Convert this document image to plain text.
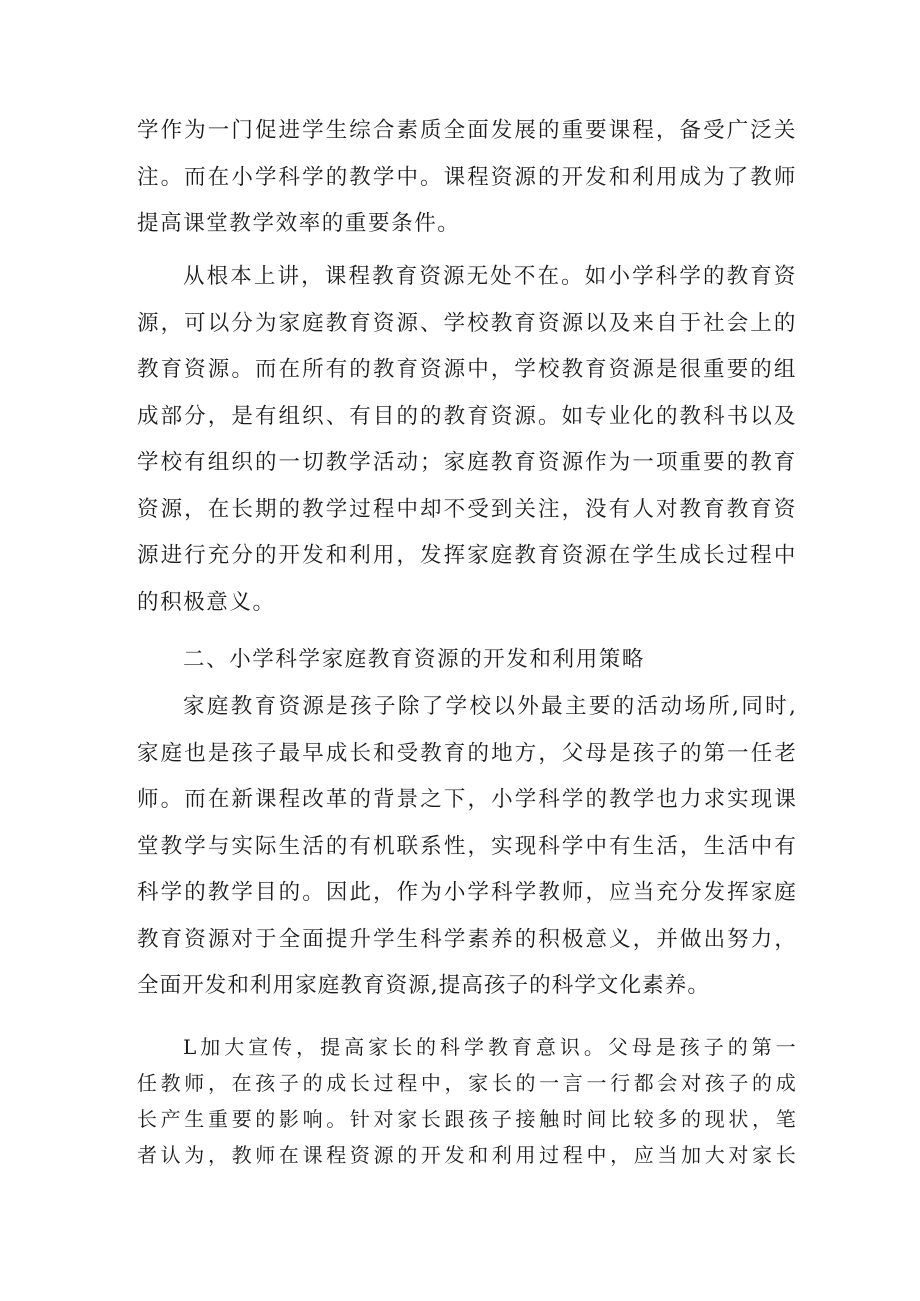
学作为一门促进学生综合素质全面发展的重要课程，备受广泛关
注。而在小学科学的教学中。课程资源的开发和利用成为了教师
提高课堂教学效率的重要条件。
从根本上讲，课程教育资源无处不在。如小学科学的教育资
源，可以分为家庭教育资源、学校教育资源以及来自于社会上的
教育资源。而在所有的教育资源中，学校教育资源是很重要的组
成部分，是有组织、有目的的教育资源。如专业化的教科书以及
学校有组织的一切教学活动；家庭教育资源作为一项重要的教育
资源，在长期的教学过程中却不受到关注，没有人对教育教育资
源进行充分的开发和利用，发挥家庭教育资源在学生成长过程中
的积极意义。
二、小学科学家庭教育资源的开发和利用策略
家庭教育资源是孩子除了学校以外最主要的活动场所,同时,
家庭也是孩子最早成长和受教育的地方，父母是孩子的第一任老
师。而在新课程改革的背景之下，小学科学的教学也力求实现课
堂教学与实际生活的有机联系性，实现科学中有生活，生活中有
科学的教学目的。因此，作为小学科学教师，应当充分发挥家庭
教育资源对于全面提升学生科学素养的积极意义，并做出努力，
全面开发和利用家庭教育资源,提高孩子的科学文化素养。
L加大宣传，提高家长的科学教育意识。父母是孩子的第一
任教师，在孩子的成长过程中，家长的一言一行都会对孩子的成
长产生重要的影响。针对家长跟孩子接触时间比较多的现状，笔
者认为，教师在课程资源的开发和利用过程中，应当加大对家长
